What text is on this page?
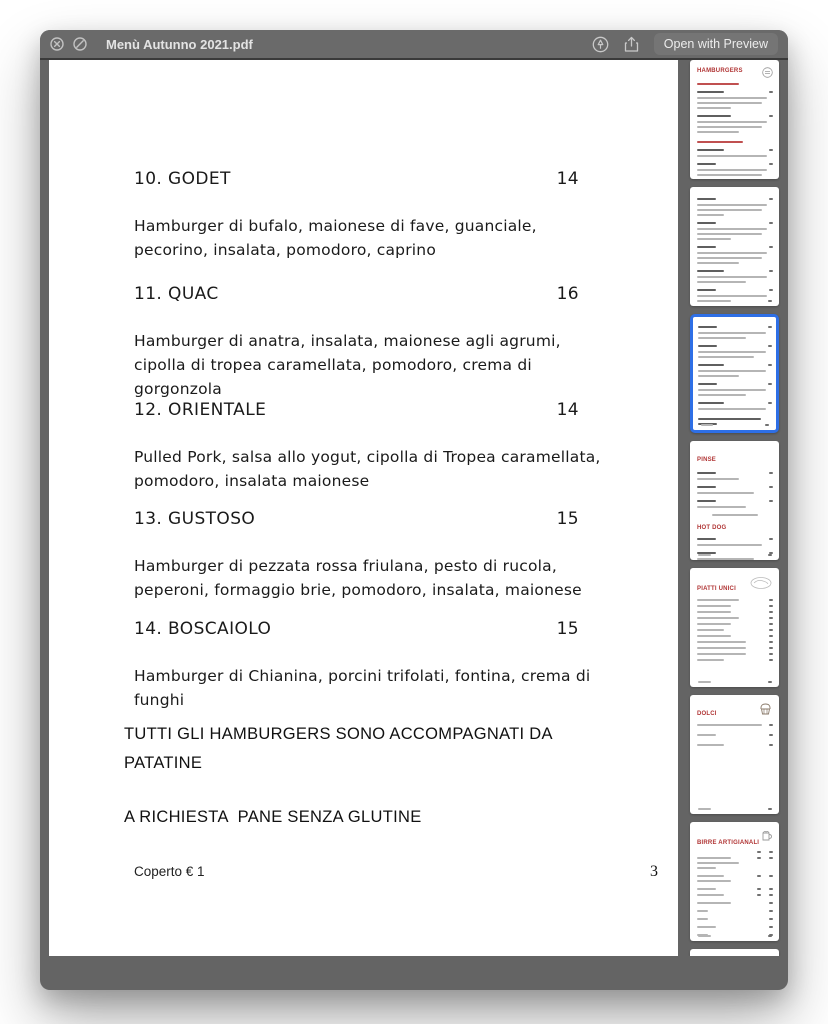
Menù Autunno 2021.pdf	Open with Preview
10. GODET	14
Hamburger di bufalo, maionese di fave, guanciale, pecorino, insalata, pomodoro, caprino
11. QUAC	16
Hamburger di anatra, insalata, maionese agli agrumi, cipolla di tropea caramellata, pomodoro, crema di gorgonzola
12. ORIENTALE	14
Pulled Pork, salsa allo yogut, cipolla di Tropea caramellata, pomodoro, insalata maionese
13. GUSTOSO	15
Hamburger di pezzata rossa friulana, pesto di rucola, peperoni, formaggio brie, pomodoro, insalata, maionese
14. BOSCAIOLO	15
Hamburger di Chianina, porcini trifolati, fontina, crema di funghi
TUTTI GLI HAMBURGERS SONO ACCOMPAGNATI DA PATATINE
A RICHIESTA  PANE SENZA GLUTINE
Coperto € 1	3
HAMBURGERS
PINSE
HOT DOG
PIATTI UNICI
DOLCI
BIRRE ARTIGIANALI
